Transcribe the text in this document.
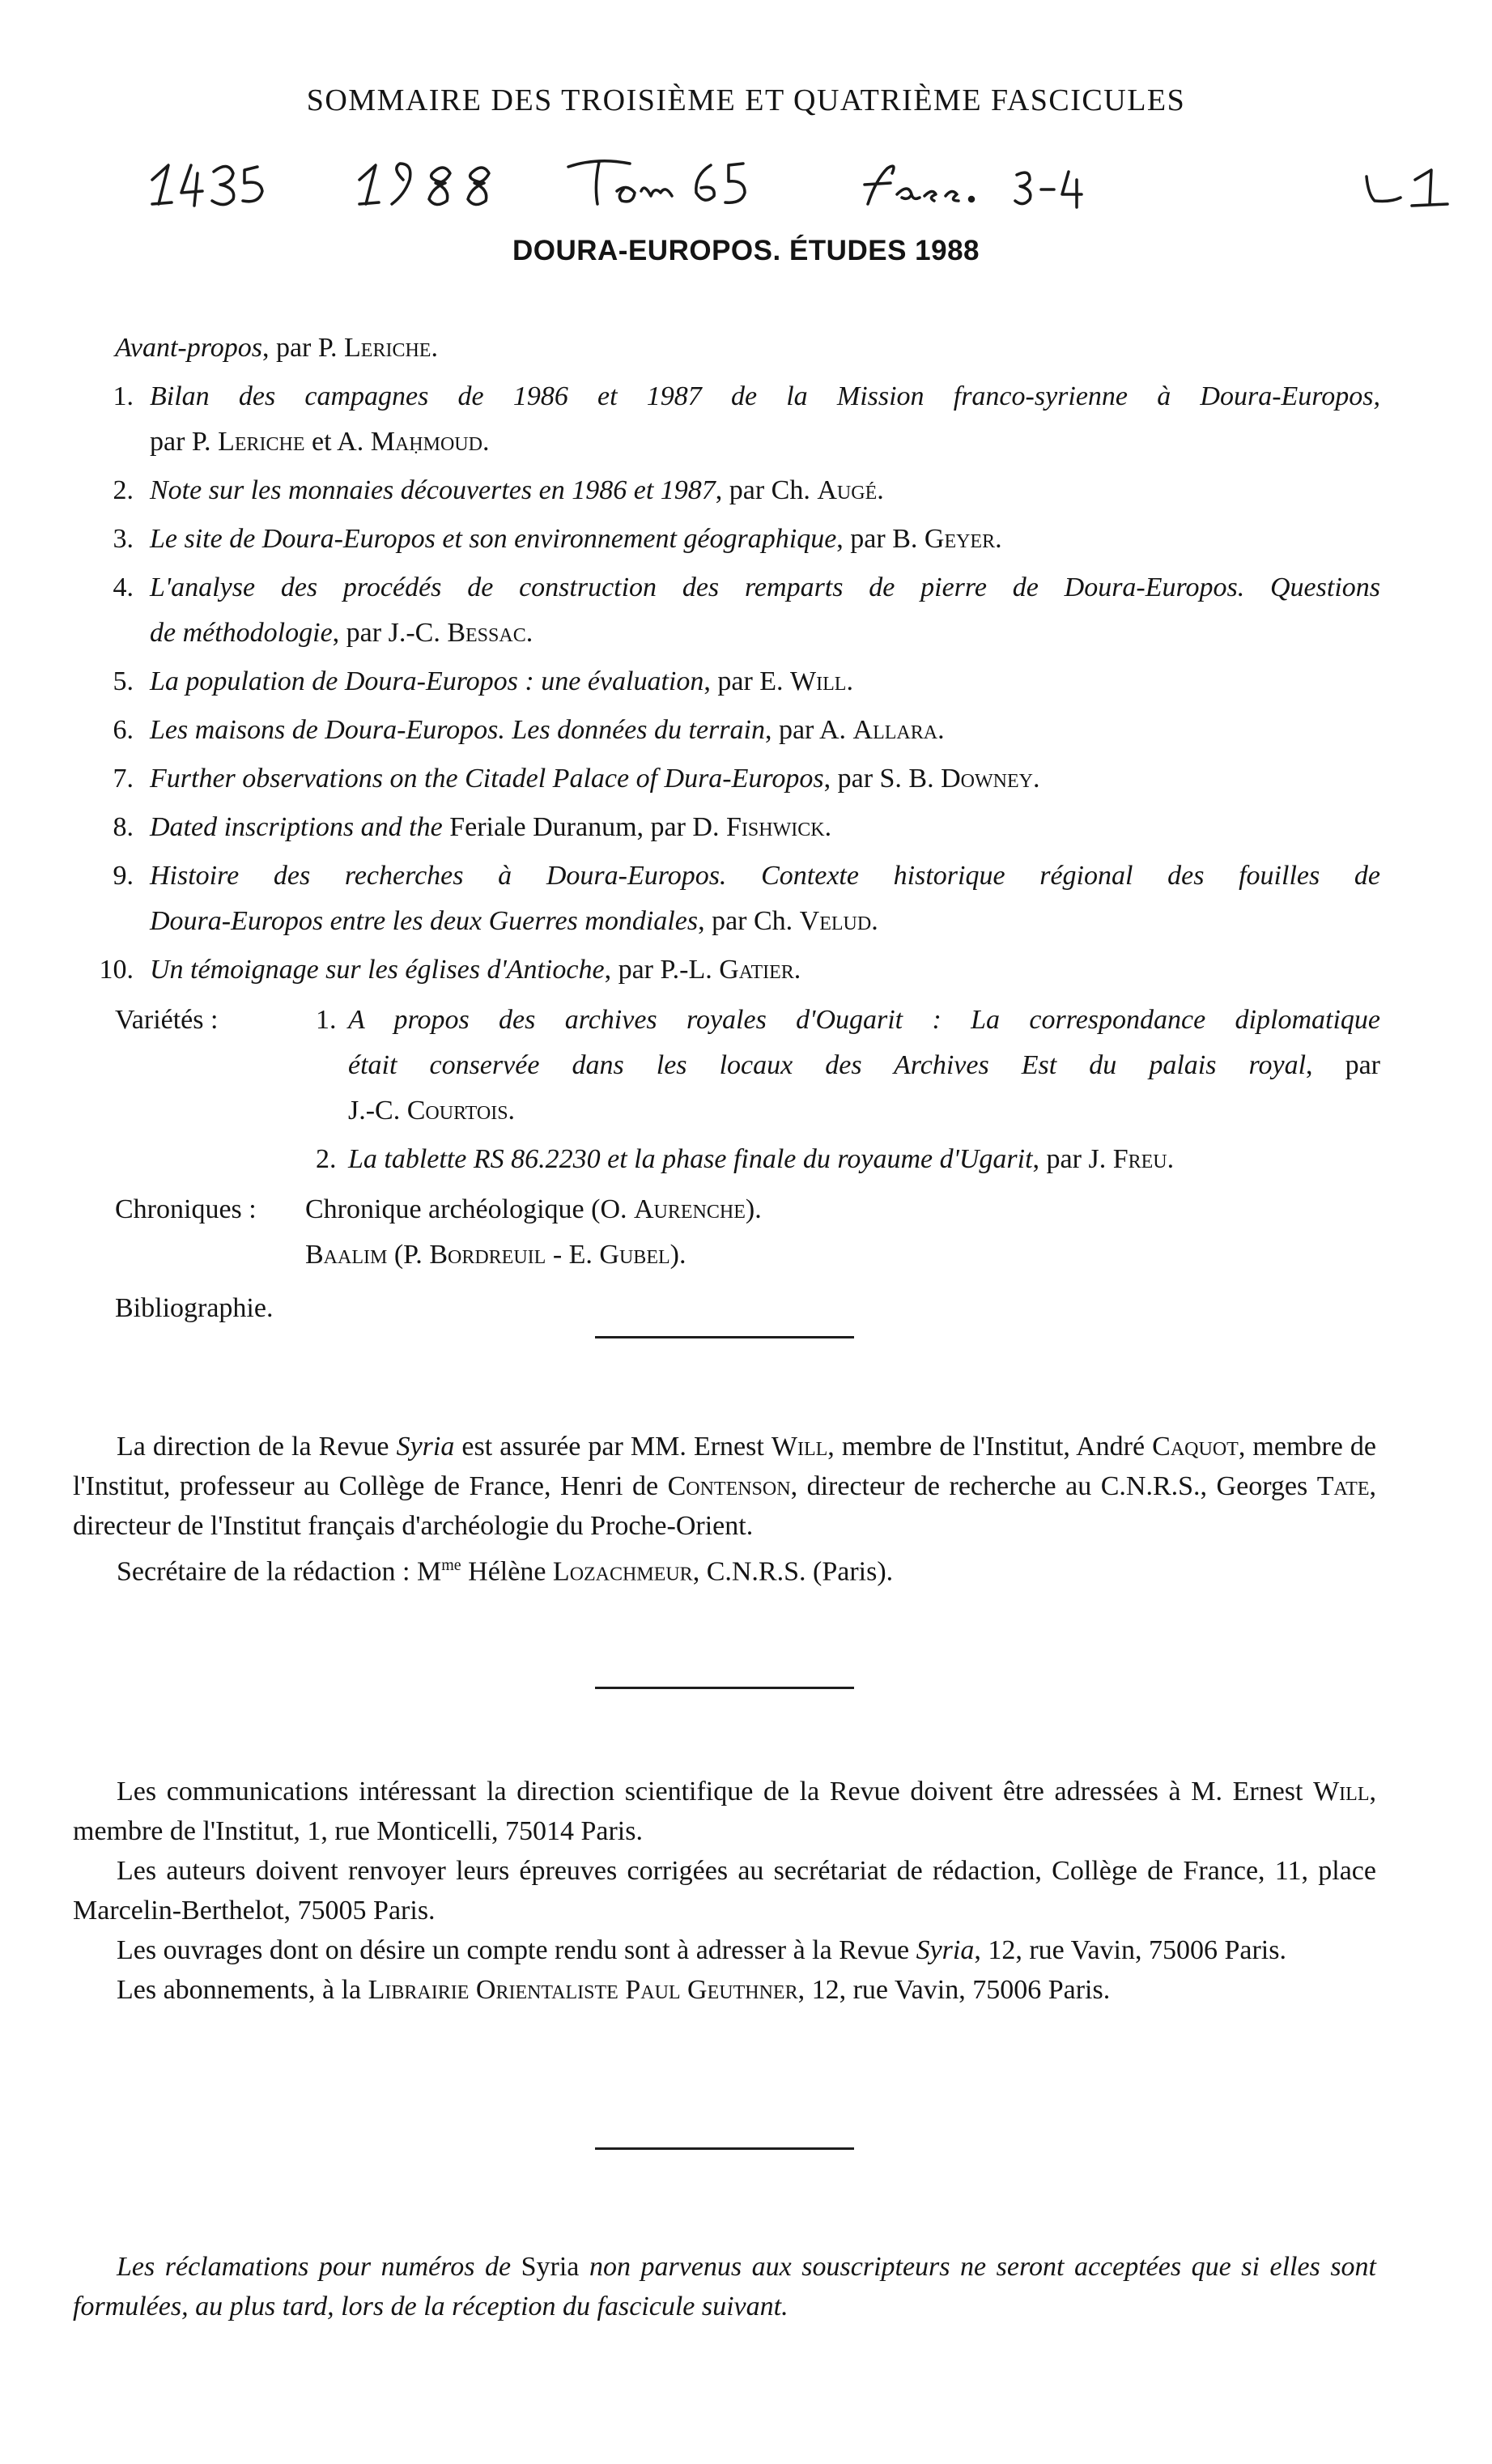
SOMMAIRE DES TROISIÈME ET QUATRIÈME FASCICULES
DOURA-EUROPOS. ÉTUDES 1988
Avant-propos, par P. Leriche.
1. Bilan des campagnes de 1986 et 1987 de la Mission franco-syrienne à Doura-Europos,
par P. Leriche et A. Maḥmoud.
2. Note sur les monnaies découvertes en 1986 et 1987, par Ch. Augé.
3. Le site de Doura-Europos et son environnement géographique, par B. Geyer.
4. L'analyse des procédés de construction des remparts de pierre de Doura-Europos. Questions
de méthodologie, par J.-C. Bessac.
5. La population de Doura-Europos : une évaluation, par E. Will.
6. Les maisons de Doura-Europos. Les données du terrain, par A. Allara.
7. Further observations on the Citadel Palace of Dura-Europos, par S. B. Downey.
8. Dated inscriptions and the Feriale Duranum, par D. Fishwick.
9. Histoire des recherches à Doura-Europos. Contexte historique régional des fouilles de
Doura-Europos entre les deux Guerres mondiales, par Ch. Velud.
10. Un témoignage sur les églises d'Antioche, par P.-L. Gatier.
Variétés :	1. A propos des archives royales d'Ougarit : La correspondance diplomatique
était conservée dans les locaux des Archives Est du palais royal, par
J.-C. Courtois.
2. La tablette RS 86.2230 et la phase finale du royaume d'Ugarit, par J. Freu.
Chroniques : Chronique archéologique (O. Aurenche).
Baalim (P. Bordreuil - E. Gubel).
Bibliographie.

La direction de la Revue Syria est assurée par MM. Ernest Will, membre de l'Institut, André Caquot, membre de l'Institut, professeur au Collège de France, Henri de Contenson, directeur de recherche au C.N.R.S., Georges Tate, directeur de l'Institut français d'archéologie du Proche-Orient.

Secrétaire de la rédaction : $M^{me}$ Hélène Lozachmeur, C.N.R.S. (Paris).

Les communications intéressant la direction scientifique de la Revue doivent être adressées à M. Ernest Will, membre de l'Institut, 1, rue Monticelli, 75014 Paris.

Les auteurs doivent renvoyer leurs épreuves corrigées au secrétariat de rédaction, Collège de France, 11, place Marcelin-Berthelot, 75005 Paris.

Les ouvrages dont on désire un compte rendu sont à adresser à la Revue Syria, 12, rue Vavin, 75006 Paris.

Les abonnements, à la Librairie Orientaliste Paul Geuthner, 12, rue Vavin, 75006 Paris.

Les réclamations pour numéros de Syria non parvenus aux souscripteurs ne seront acceptées que si elles sont formulées, au plus tard, lors de la réception du fascicule suivant.
